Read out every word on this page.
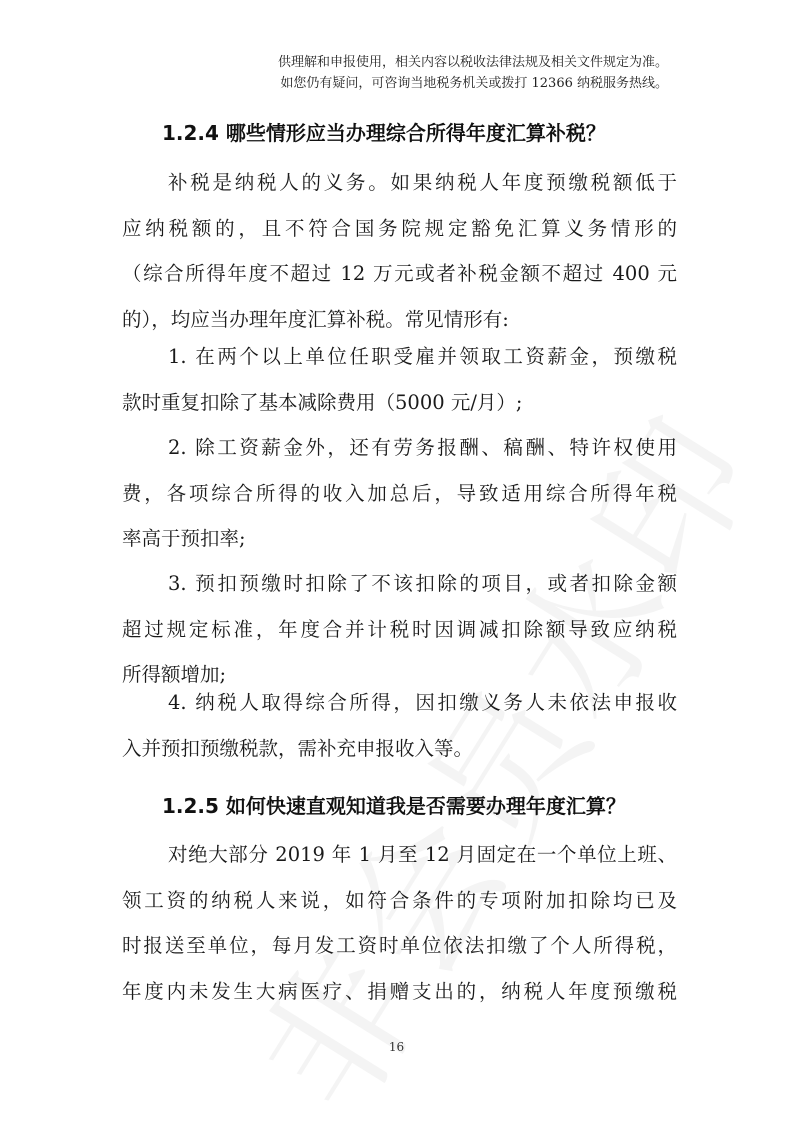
供理解和申报使用，相关内容以税收法律法规及相关文件规定为准。
如您仍有疑问，可咨询当地税务机关或拨打 12366 纳税服务热线。
1.2.4 哪些情形应当办理综合所得年度汇算补税？
补税是纳税人的义务。如果纳税人年度预缴税额低于
应纳税额的，且不符合国务院规定豁免汇算义务情形的
（综合所得年度不超过 12 万元或者补税金额不超过 400 元
的），均应当办理年度汇算补税。常见情形有:
1. 在两个以上单位任职受雇并领取工资薪金，预缴税
款时重复扣除了基本减除费用（5000 元/月）;
2. 除工资薪金外，还有劳务报酬、稿酬、特许权使用
费，各项综合所得的收入加总后，导致适用综合所得年税
率高于预扣率;
3. 预扣预缴时扣除了不该扣除的项目，或者扣除金额
超过规定标准，年度合并计税时因调减扣除额导致应纳税
所得额增加;
4. 纳税人取得综合所得，因扣缴义务人未依法申报收
入并预扣预缴税款，需补充申报收入等。
1.2.5 如何快速直观知道我是否需要办理年度汇算？
对绝大部分 2019 年 1 月至 12 月固定在一个单位上班、
领工资的纳税人来说，如符合条件的专项附加扣除均已及
时报送至单位，每月发工资时单位依法扣缴了个人所得税，
年度内未发生大病医疗、捐赠支出的，纳税人年度预缴税
16
